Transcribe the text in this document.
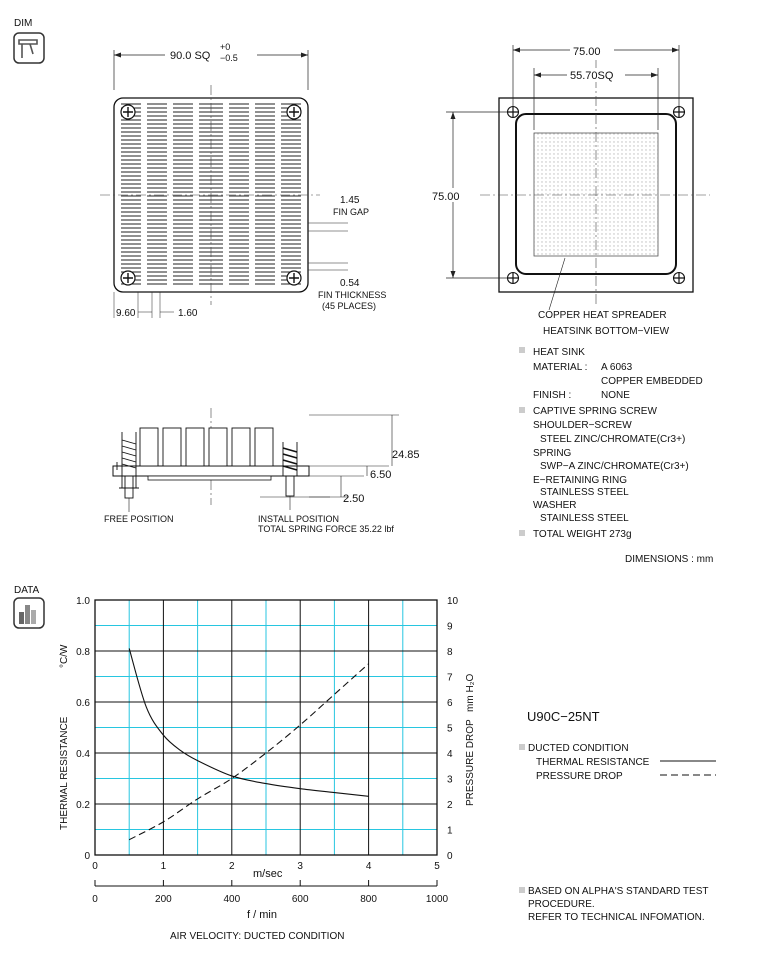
DIM
DATA
90.0 SQ
+0
−0.5
1.45
FIN GAP
0.54
FIN THICKNESS
(45 PLACES)
9.60	1.60
75.00
55.70SQ
75.00
COPPER HEAT SPREADER
HEATSINK BOTTOM−VIEW
24.85
6.50
2.50
FREE POSITION	INSTALL POSITION
TOTAL SPRING FORCE 35.22 lbf
HEAT SINK
MATERIAL : A 6063
COPPER EMBEDDED
FINISH :	NONE
CAPTIVE SPRING SCREW
SHOULDER−SCREW
STEEL ZINC/CHROMATE(Cr3+)
SPRING
SWP−A ZINC/CHROMATE(Cr3+)
E−RETAINING RING
STAINLESS STEEL
WASHER
STAINLESS STEEL
TOTAL WEIGHT 273g
DIMENSIONS : mm
0
0.2
0.4
0.6
0.8
1.0
0
1
2
3
4
5
6
7
8
9
10
0	1	2	3	4	5
0	200	400	600	800	1000
m/sec
f / min
AIR VELOCITY: DUCTED CONDITION
THERMAL RESISTANCE
°C/W
PRESSURE DROP
mm H₂O
U90C−25NT
DUCTED CONDITION
THERMAL RESISTANCE
PRESSURE DROP
BASED ON ALPHA'S STANDARD TEST
PROCEDURE.
REFER TO TECHNICAL INFOMATION.
